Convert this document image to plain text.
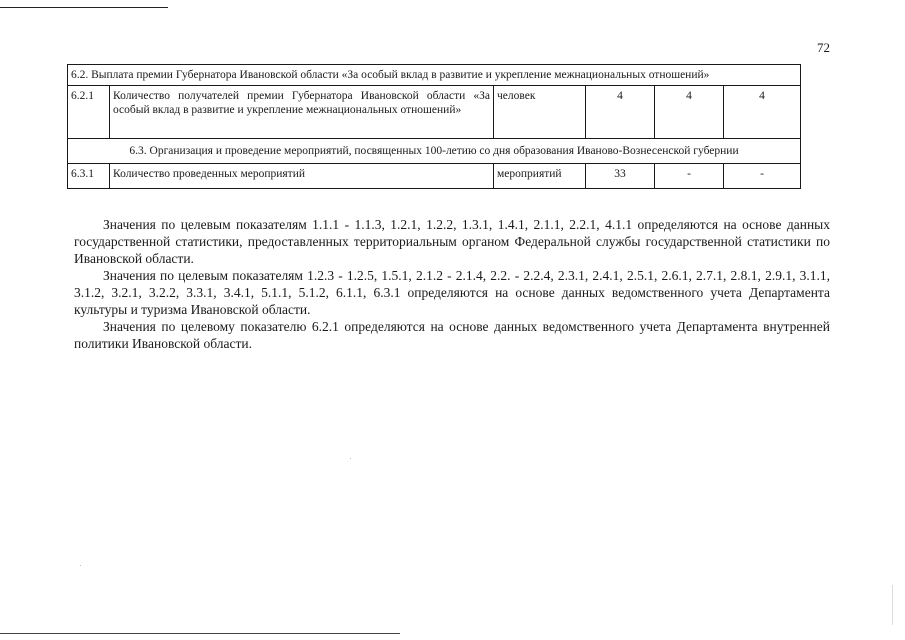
72
6.2. Выплата премии Губернатора Ивановской области «За особый вклад в развитие и укрепление межнациональных отношений»					
6.2.1	Количество получателей премии Губернатора Ивановской области «За особый вклад в развитие и укрепление межнациональных отношений»	человек	4	4	4
6.3. Организация и проведение мероприятий, посвященных 100-летию со дня образования Иваново-Вознесенской губернии					
6.3.1	Количество проведенных мероприятий	мероприятий	33	-	-

Значения по целевым показателям 1.1.1 - 1.1.3, 1.2.1, 1.2.2, 1.3.1, 1.4.1, 2.1.1, 2.2.1, 4.1.1 определяются на основе данных государственной статистики, предоставленных территориальным органом Федеральной службы государственной статистики по Ивановской области.

Значения по целевым показателям 1.2.3 - 1.2.5, 1.5.1, 2.1.2 - 2.1.4, 2.2. - 2.2.4, 2.3.1, 2.4.1, 2.5.1, 2.6.1, 2.7.1, 2.8.1, 2.9.1, 3.1.1, 3.1.2, 3.2.1, 3.2.2, 3.3.1, 3.4.1, 5.1.1, 5.1.2, 6.1.1, 6.3.1 определяются на основе данных ведомственного учета Департамента культуры и туризма Ивановской области.

Значения по целевому показателю 6.2.1 определяются на основе данных ведомственного учета Департамента внутренней политики Ивановской области.
